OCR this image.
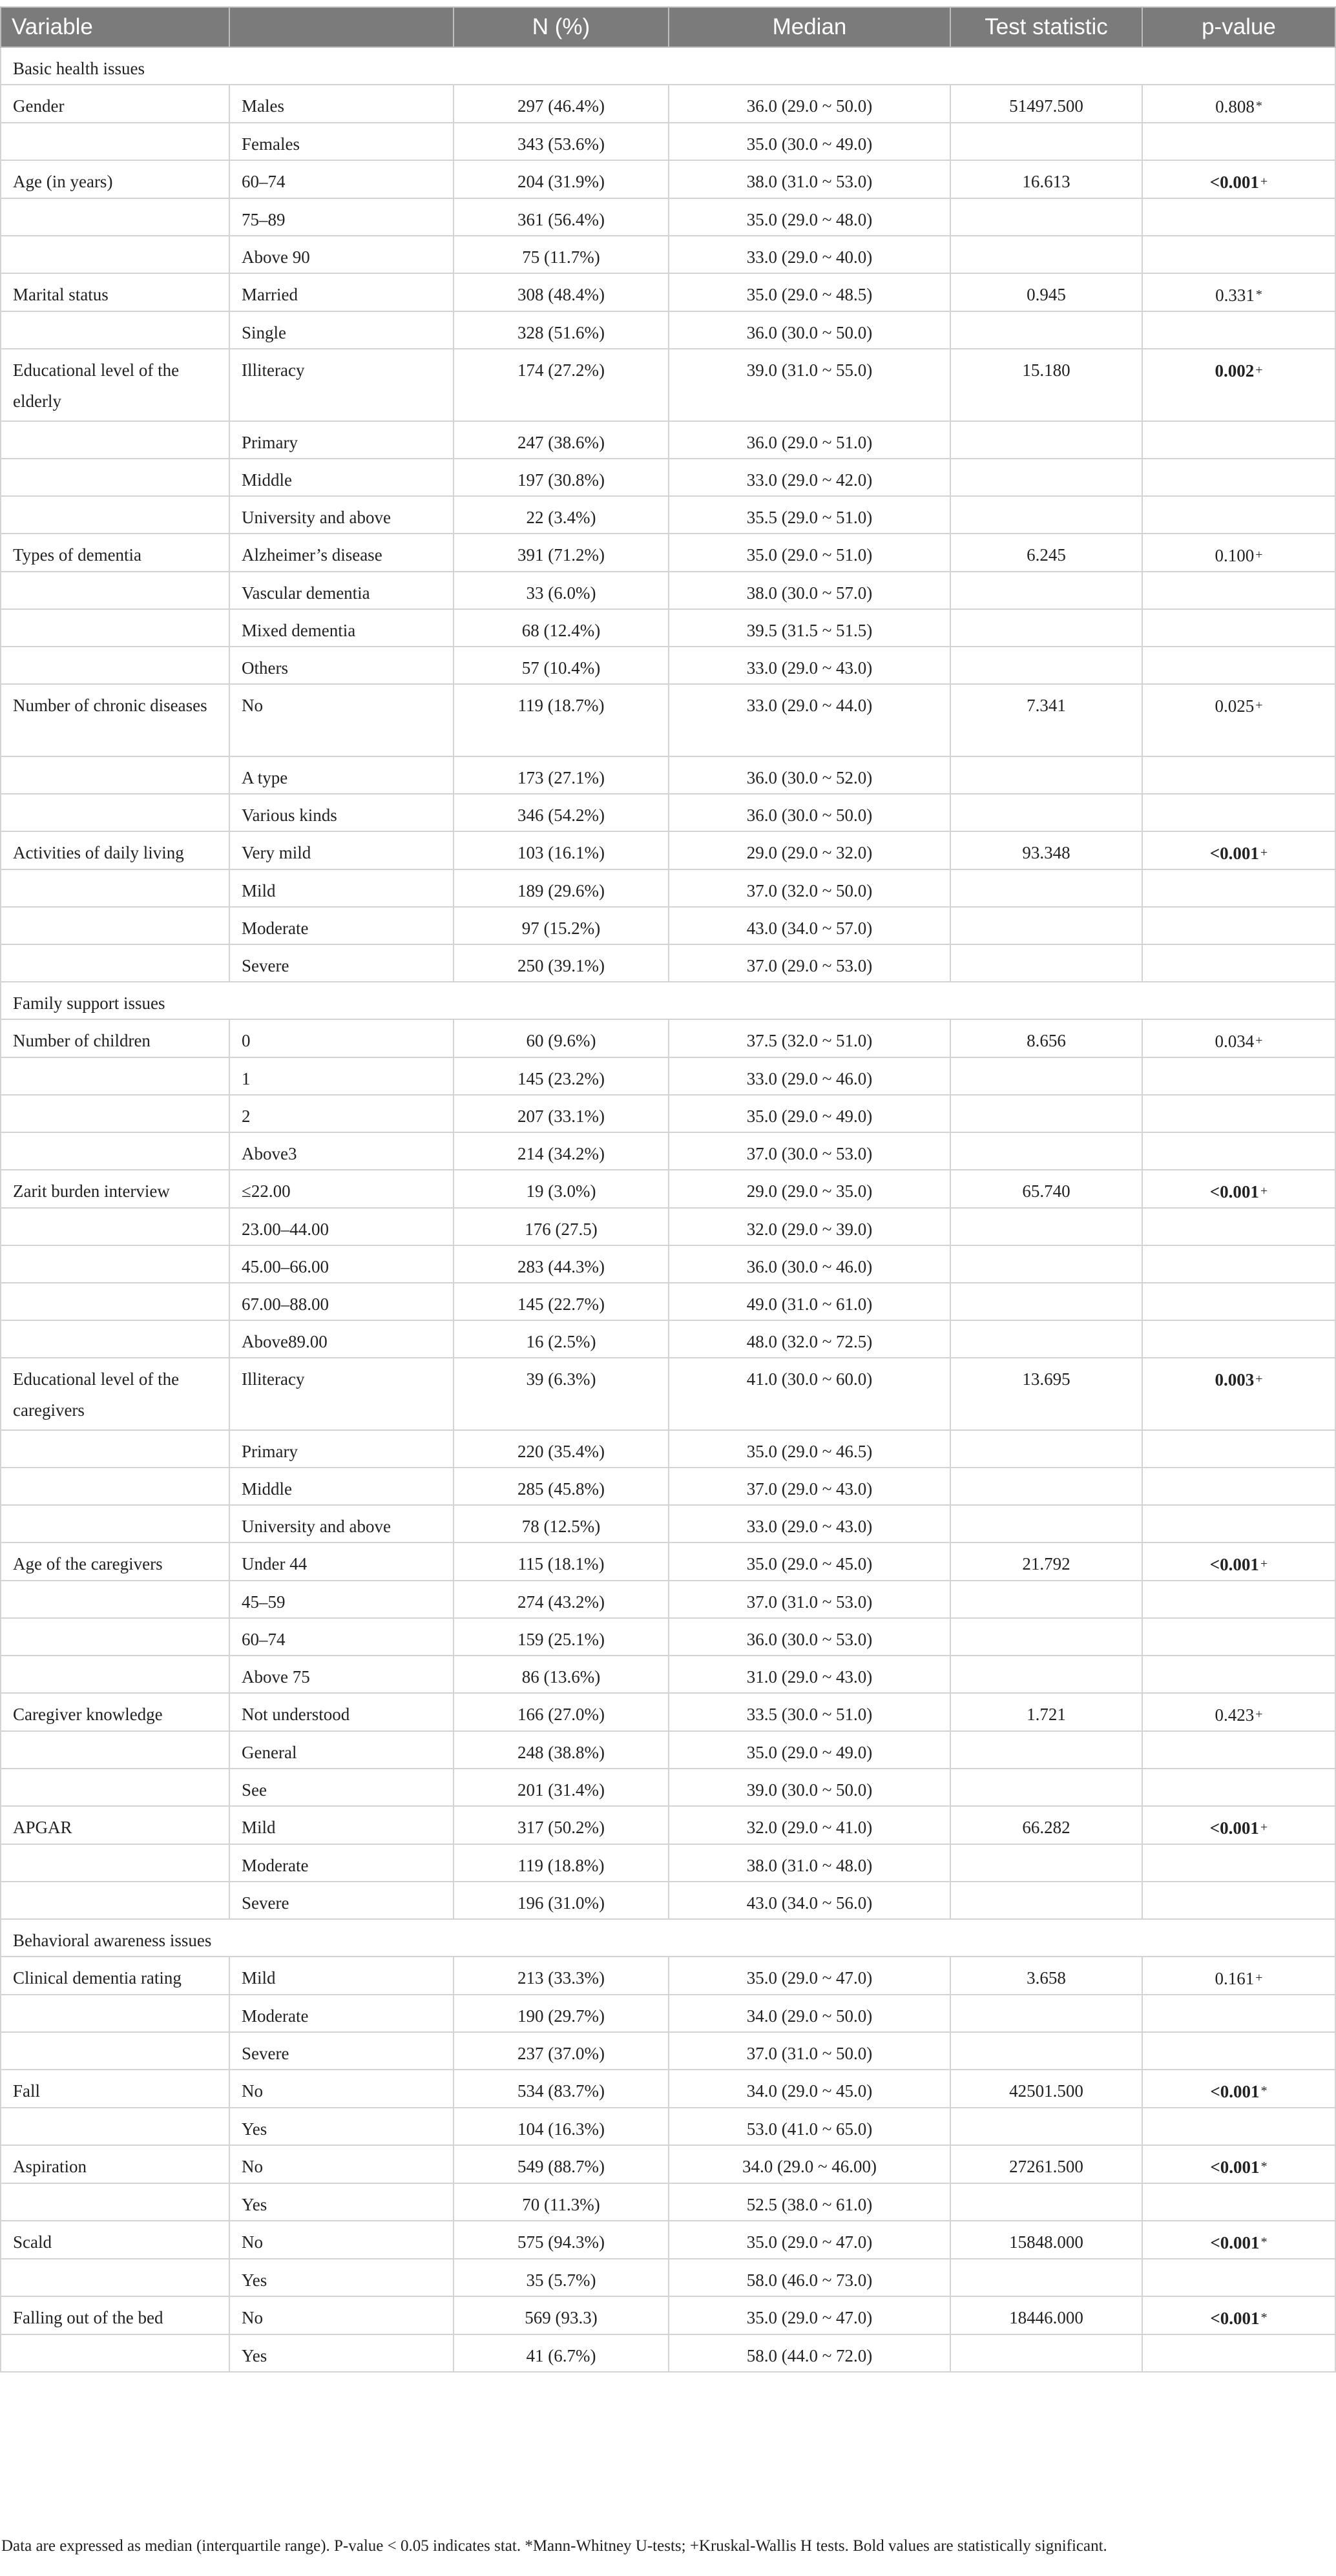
Variable		N (%)	Median	Test statistic	p-value
Basic health issues					
Gender	Males	297 (46.4%)	36.0 (29.0 ~ 50.0)	51497.500	0.808 *
	Females	343 (53.6%)	35.0 (30.0 ~ 49.0)		
Age (in years)	60–74	204 (31.9%)	38.0 (31.0 ~ 53.0)	16.613	<0.001 +
	75–89	361 (56.4%)	35.0 (29.0 ~ 48.0)		
	Above 90	75 (11.7%)	33.0 (29.0 ~ 40.0)		
Marital status	Married	308 (48.4%)	35.0 (29.0 ~ 48.5)	0.945	0.331 *
	Single	328 (51.6%)	36.0 (30.0 ~ 50.0)		
Educational level of the elderly	Illiteracy	174 (27.2%)	39.0 (31.0 ~ 55.0)	15.180	0.002 +
	Primary	247 (38.6%)	36.0 (29.0 ~ 51.0)		
	Middle	197 (30.8%)	33.0 (29.0 ~ 42.0)		
	University and above	22 (3.4%)	35.5 (29.0 ~ 51.0)		
Types of dementia	Alzheimer’s disease	391 (71.2%)	35.0 (29.0 ~ 51.0)	6.245	0.100 +
	Vascular dementia	33 (6.0%)	38.0 (30.0 ~ 57.0)		
	Mixed dementia	68 (12.4%)	39.5 (31.5 ~ 51.5)		
	Others	57 (10.4%)	33.0 (29.0 ~ 43.0)		
Number of chronic diseases	No	119 (18.7%)	33.0 (29.0 ~ 44.0)	7.341	0.025 +
	A type	173 (27.1%)	36.0 (30.0 ~ 52.0)		
	Various kinds	346 (54.2%)	36.0 (30.0 ~ 50.0)		
Activities of daily living	Very mild	103 (16.1%)	29.0 (29.0 ~ 32.0)	93.348	<0.001 +
	Mild	189 (29.6%)	37.0 (32.0 ~ 50.0)		
	Moderate	97 (15.2%)	43.0 (34.0 ~ 57.0)		
	Severe	250 (39.1%)	37.0 (29.0 ~ 53.0)		
Family support issues					
Number of children	0	60 (9.6%)	37.5 (32.0 ~ 51.0)	8.656	0.034 +
	1	145 (23.2%)	33.0 (29.0 ~ 46.0)		
	2	207 (33.1%)	35.0 (29.0 ~ 49.0)		
	Above3	214 (34.2%)	37.0 (30.0 ~ 53.0)		
Zarit burden interview	≤22.00	19 (3.0%)	29.0 (29.0 ~ 35.0)	65.740	<0.001 +
	23.00–44.00	176 (27.5)	32.0 (29.0 ~ 39.0)		
	45.00–66.00	283 (44.3%)	36.0 (30.0 ~ 46.0)		
	67.00–88.00	145 (22.7%)	49.0 (31.0 ~ 61.0)		
	Above89.00	16 (2.5%)	48.0 (32.0 ~ 72.5)		
Educational level of the caregivers	Illiteracy	39 (6.3%)	41.0 (30.0 ~ 60.0)	13.695	0.003 +
	Primary	220 (35.4%)	35.0 (29.0 ~ 46.5)		
	Middle	285 (45.8%)	37.0 (29.0 ~ 43.0)		
	University and above	78 (12.5%)	33.0 (29.0 ~ 43.0)		
Age of the caregivers	Under 44	115 (18.1%)	35.0 (29.0 ~ 45.0)	21.792	<0.001 +
	45–59	274 (43.2%)	37.0 (31.0 ~ 53.0)		
	60–74	159 (25.1%)	36.0 (30.0 ~ 53.0)		
	Above 75	86 (13.6%)	31.0 (29.0 ~ 43.0)		
Caregiver knowledge	Not understood	166 (27.0%)	33.5 (30.0 ~ 51.0)	1.721	0.423 +
	General	248 (38.8%)	35.0 (29.0 ~ 49.0)		
	See	201 (31.4%)	39.0 (30.0 ~ 50.0)		
APGAR	Mild	317 (50.2%)	32.0 (29.0 ~ 41.0)	66.282	<0.001 +
	Moderate	119 (18.8%)	38.0 (31.0 ~ 48.0)		
	Severe	196 (31.0%)	43.0 (34.0 ~ 56.0)		
Behavioral awareness issues					
Clinical dementia rating	Mild	213 (33.3%)	35.0 (29.0 ~ 47.0)	3.658	0.161 +
	Moderate	190 (29.7%)	34.0 (29.0 ~ 50.0)		
	Severe	237 (37.0%)	37.0 (31.0 ~ 50.0)		
Fall	No	534 (83.7%)	34.0 (29.0 ~ 45.0)	42501.500	<0.001 *
	Yes	104 (16.3%)	53.0 (41.0 ~ 65.0)		
Aspiration	No	549 (88.7%)	34.0 (29.0 ~ 46.00)	27261.500	<0.001 *
	Yes	70 (11.3%)	52.5 (38.0 ~ 61.0)		
Scald	No	575 (94.3%)	35.0 (29.0 ~ 47.0)	15848.000	<0.001 *
	Yes	35 (5.7%)	58.0 (46.0 ~ 73.0)		
Falling out of the bed	No	569 (93.3)	35.0 (29.0 ~ 47.0)	18446.000	<0.001 *
	Yes	41 (6.7%)	58.0 (44.0 ~ 72.0)		
Data are expressed as median (interquartile range). P-value < 0.05 indicates stat. *Mann-Whitney U-tests; +Kruskal-Wallis H tests. Bold values are statistically significant.
